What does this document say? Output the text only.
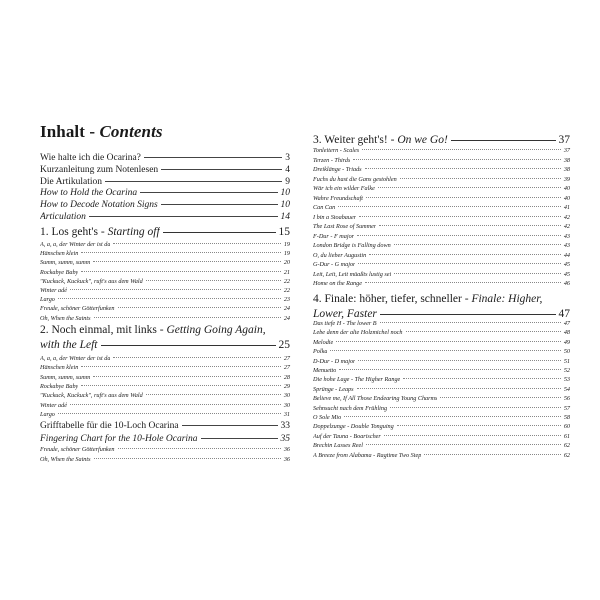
Inhalt - Contents
Wie halte ich die Ocarina?	3
Kurzanleitung zum Notenlesen	4
Die Artikulation	9
How to Hold the Ocarina	10
How to Decode Notation Signs	10
Articulation	14
1. Los geht's - Starting off	15
A, a, a, der Winter der ist da	19
Hänschen klein	19
Summ, summ, summ	20
Rockabye Baby	21
"Kuckuck, Kuckuck", ruft's aus dem Wald	22
Winter adé	22
Largo	23
Freude, schöner Götterfunken	24
Oh, When the Saints	24
2. Noch einmal, mit links - Getting Going Again,
with the Left	25
A, a, a, der Winter der ist da	27
Hänschen klein	27
Summ, summ, summ	28
Rockabye Baby	29
"Kuckuck, Kuckuck", ruft's aus dem Wald	30
Winter adé	30
Largo	31
Grifftabelle für die 10-Loch Ocarina	33
Fingering Chart for the 10-Hole Ocarina	35
Freude, schöner Götterfunken	36
Oh, When the Saints	36
3. Weiter geht's! - On we Go!	37
Tonleitern - Scales	37
Terzen - Thirds	38
Dreiklänge - Triads	38
Fuchs du hast die Gans gestohlen	39
Wär ich ein wilder Falke	40
Wahre Freundschaft	40
Can Can	41
I bin a Stoabauer	42
The Last Rose of Summer	42
F-Dur - F major	43
London Bridge is Falling down	43
O, du lieber Augustin	44
G-Dur - G major	45
Leit, Leit, Leit müaßts lustig sei	45
Home on the Range	46
4. Finale: höher, tiefer, schneller - Finale: Higher,
Lower, Faster	47
Das tiefe H - The lower B	47
Lebe denn der alte Holzmichel noch	48
Melodie	49
Polka	50
D-Dur - D major	51
Menuetto	52
Die hohe Lage - The Higher Range	53
Sprünge - Leaps	54
Believe me, If All Those Endearing Young Charms	56
Sehnsucht nach dem Frühling	57
O Sole Mio	58
Doppelzunge - Double Tonguing	60
Auf der Tauna - Boarischer	61
Brechin Lasses Reel	62
A Breeze from Alabama - Ragtime Two Step	62
